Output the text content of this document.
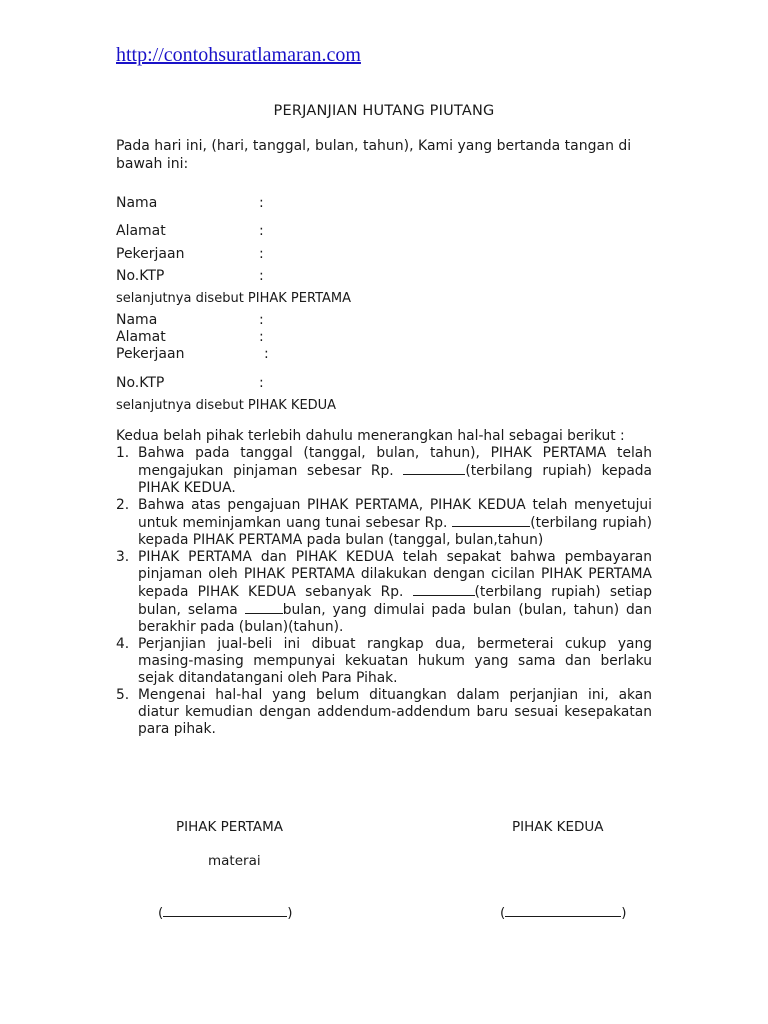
http://contohsuratlamaran.com
PERJANJIAN HUTANG PIUTANG
Pada hari ini, (hari, tanggal, bulan, tahun), Kami yang bertanda tangan di bawah ini:
Nama	:
Alamat	:
Pekerjaan	:
No.KTP	:
selanjutnya disebut PIHAK PERTAMA
Nama	:
Alamat	:
Pekerjaan	:
No.KTP	:
selanjutnya disebut PIHAK KEDUA

Kedua belah pihak terlebih dahulu menerangkan hal-hal sebagai berikut :

1. Bahwa pada tanggal (tanggal, bulan, tahun), PIHAK PERTAMA telah mengajukan pinjaman sebesar Rp.	(terbilang rupiah) kepada PIHAK KEDUA.
2. Bahwa atas pengajuan PIHAK PERTAMA, PIHAK KEDUA telah menyetujui untuk meminjamkan uang tunai sebesar Rp.	(terbilang rupiah) kepada PIHAK PERTAMA pada bulan (tanggal, bulan,tahun)
3. PIHAK PERTAMA dan PIHAK KEDUA telah sepakat bahwa pembayaran pinjaman oleh PIHAK PERTAMA dilakukan dengan cicilan PIHAK PERTAMA kepada PIHAK KEDUA sebanyak Rp.	(terbilang rupiah) setiap bulan, selama	bulan, yang dimulai pada bulan (bulan, tahun) dan berakhir pada (bulan)(tahun).
4. Perjanjian jual-beli ini dibuat rangkap dua, bermeterai cukup yang masing-masing mempunyai kekuatan hukum yang sama dan berlaku sejak ditandatangani oleh Para Pihak.
5. Mengenai hal-hal yang belum dituangkan dalam perjanjian ini, akan diatur kemudian dengan addendum-addendum baru sesuai kesepakatan para pihak.
PIHAK PERTAMA	PIHAK KEDUA
materai
(	)	(	)
